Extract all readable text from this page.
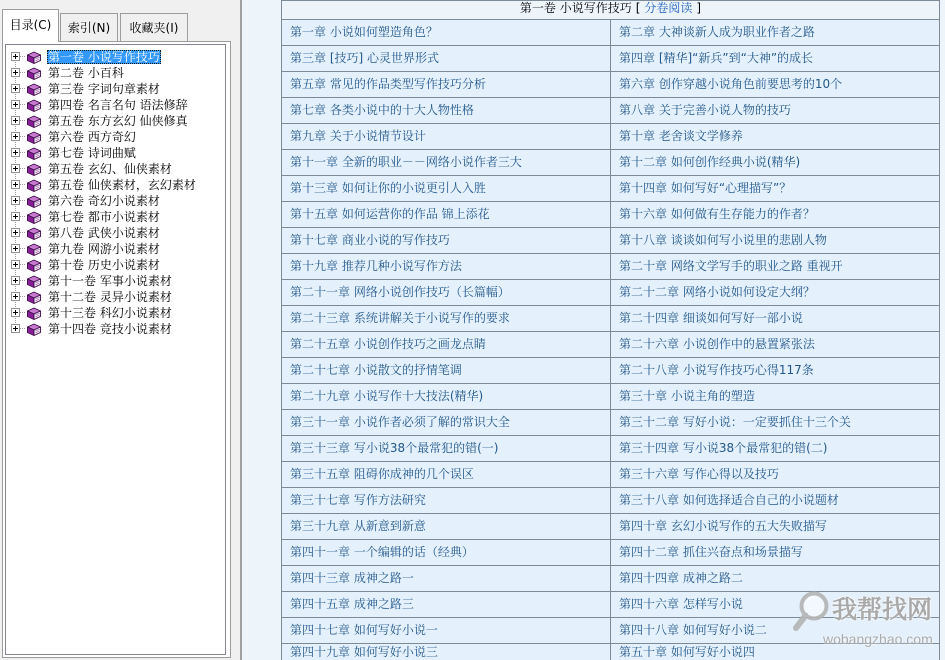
目录(C)	索引(N)	收藏夹(I)
第一卷 小说写作技巧
第二卷 小百科
第三卷 字词句章素材
第四卷 名言名句 语法修辞
第五卷 东方玄幻 仙侠修真
第六卷 西方奇幻
第七卷 诗词曲赋
第五卷 玄幻、仙侠素材
第五卷 仙侠素材，玄幻素材
第六卷 奇幻小说素材
第七卷 都市小说素材
第八卷 武侠小说素材
第九卷 网游小说素材
第十卷 历史小说素材
第十一卷 军事小说素材
第十二卷 灵异小说素材
第十三卷 科幻小说素材
第十四卷 竞技小说素材
第一卷 小说写作技巧 [ 分卷阅读 ]
第一章 小说如何塑造角色？	第二章 大神谈新人成为职业作者之路
第三章 [技巧] 心灵世界形式	第四章 [精华]“新兵”到“大神”的成长
第五章 常见的作品类型写作技巧分析	第六章 创作穿越小说角色前要思考的10个
第七章 各类小说中的十大人物性格	第八章 关于完善小说人物的技巧
第九章 关于小说情节设计	第十章 老舍谈文学修养
第十一章 全新的职业－－网络小说作者三大	第十二章 如何创作经典小说(精华)
第十三章 如何让你的小说更引人入胜	第十四章 如何写好“心理描写”？
第十五章 如何运营你的作品 锦上添花	第十六章 如何做有生存能力的作者？
第十七章 商业小说的写作技巧	第十八章 谈谈如何写小说里的悲剧人物
第十九章 推荐几种小说写作方法	第二十章 网络文学写手的职业之路 重视开
第二十一章 网络小说创作技巧（长篇幅）	第二十二章 网络小说如何设定大纲？
第二十三章 系统讲解关于小说写作的要求	第二十四章 细谈如何写好一部小说
第二十五章 小说创作技巧之画龙点睛	第二十六章 小说创作中的悬置紧张法
第二十七章 小说散文的抒情笔调	第二十八章 小说写作技巧心得117条
第二十九章 小说写作十大技法(精华)	第三十章 小说主角的塑造
第三十一章 小说作者必须了解的常识大全	第三十二章 写好小说：一定要抓住十三个关
第三十三章 写小说38个最常犯的错(一)	第三十四章 写小说38个最常犯的错(二)
第三十五章 阻碍你成神的几个误区	第三十六章 写作心得以及技巧
第三十七章 写作方法研究	第三十八章 如何选择适合自己的小说题材
第三十九章 从新意到新意	第四十章 玄幻小说写作的五大失败描写
第四十一章 一个编辑的话（经典）	第四十二章 抓住兴奋点和场景描写
第四十三章 成神之路一	第四十四章 成神之路二
第四十五章 成神之路三	第四十六章 怎样写小说
第四十七章 如何写好小说一	第四十八章 如何写好小说二
第四十九章 如何写好小说三	第五十章 如何写好小说四
我帮找网
wobangzhao.com
